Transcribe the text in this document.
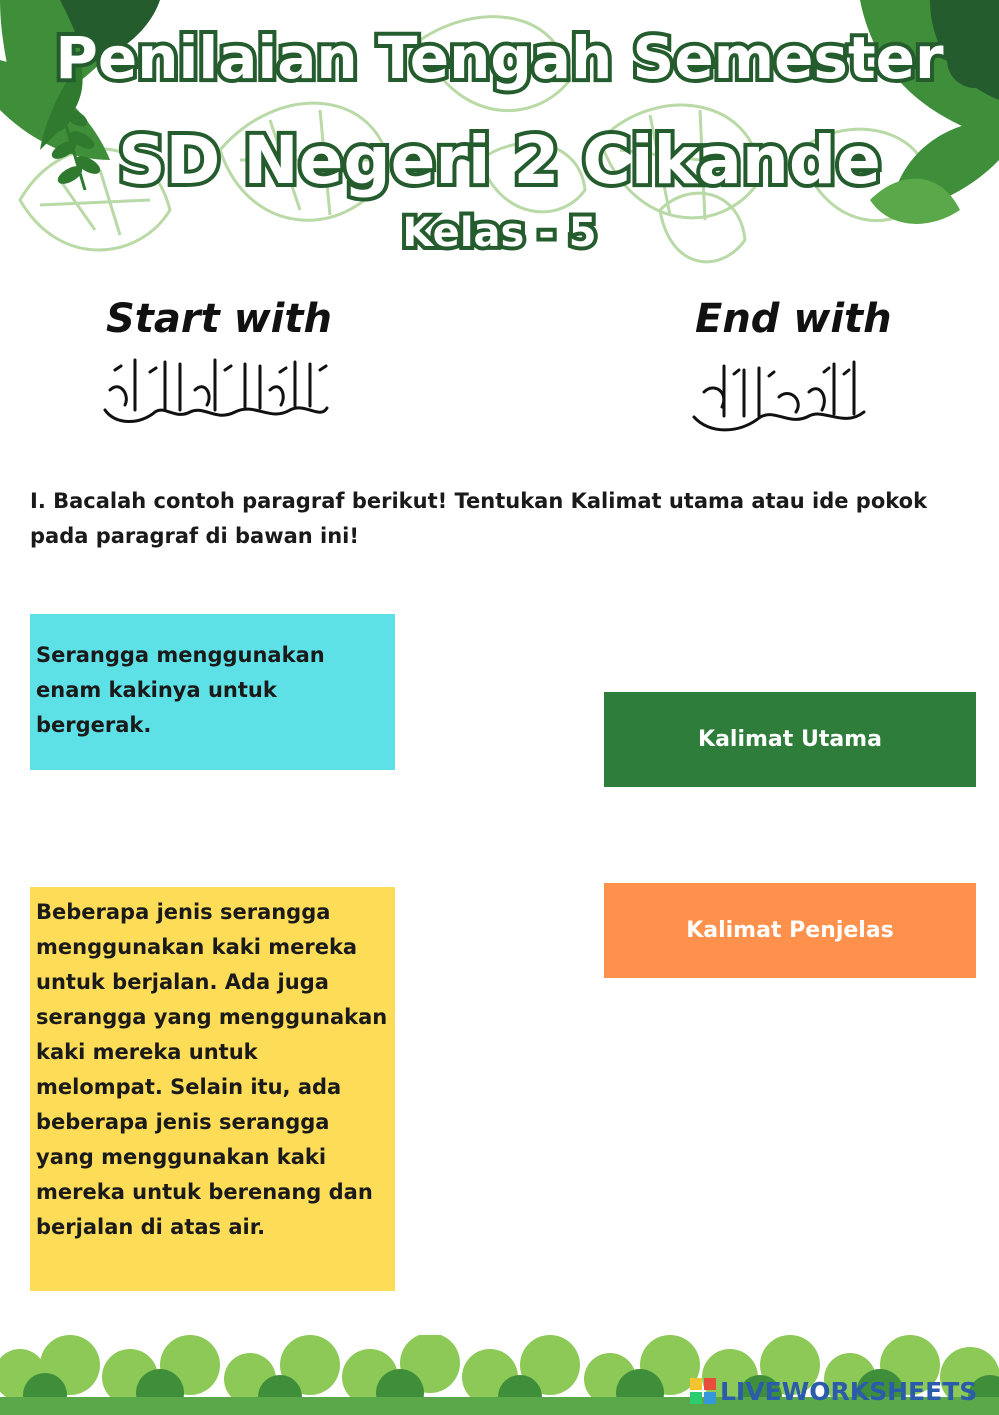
Penilaian Tengah Semester
SD Negeri 2 Cikande
Kelas - 5
Start with	End with
I. Bacalah contoh paragraf berikut! Tentukan Kalimat utama atau ide pokok pada paragraf di bawan ini!
Serangga menggunakan enam kakinya untuk bergerak.
Beberapa jenis serangga menggunakan kaki mereka untuk berjalan. Ada juga serangga yang menggunakan kaki mereka untuk melompat. Selain itu, ada beberapa jenis serangga yang menggunakan kaki mereka untuk berenang dan berjalan di atas air.
Kalimat Utama
Kalimat Penjelas
LIVEWORKSHEETS
